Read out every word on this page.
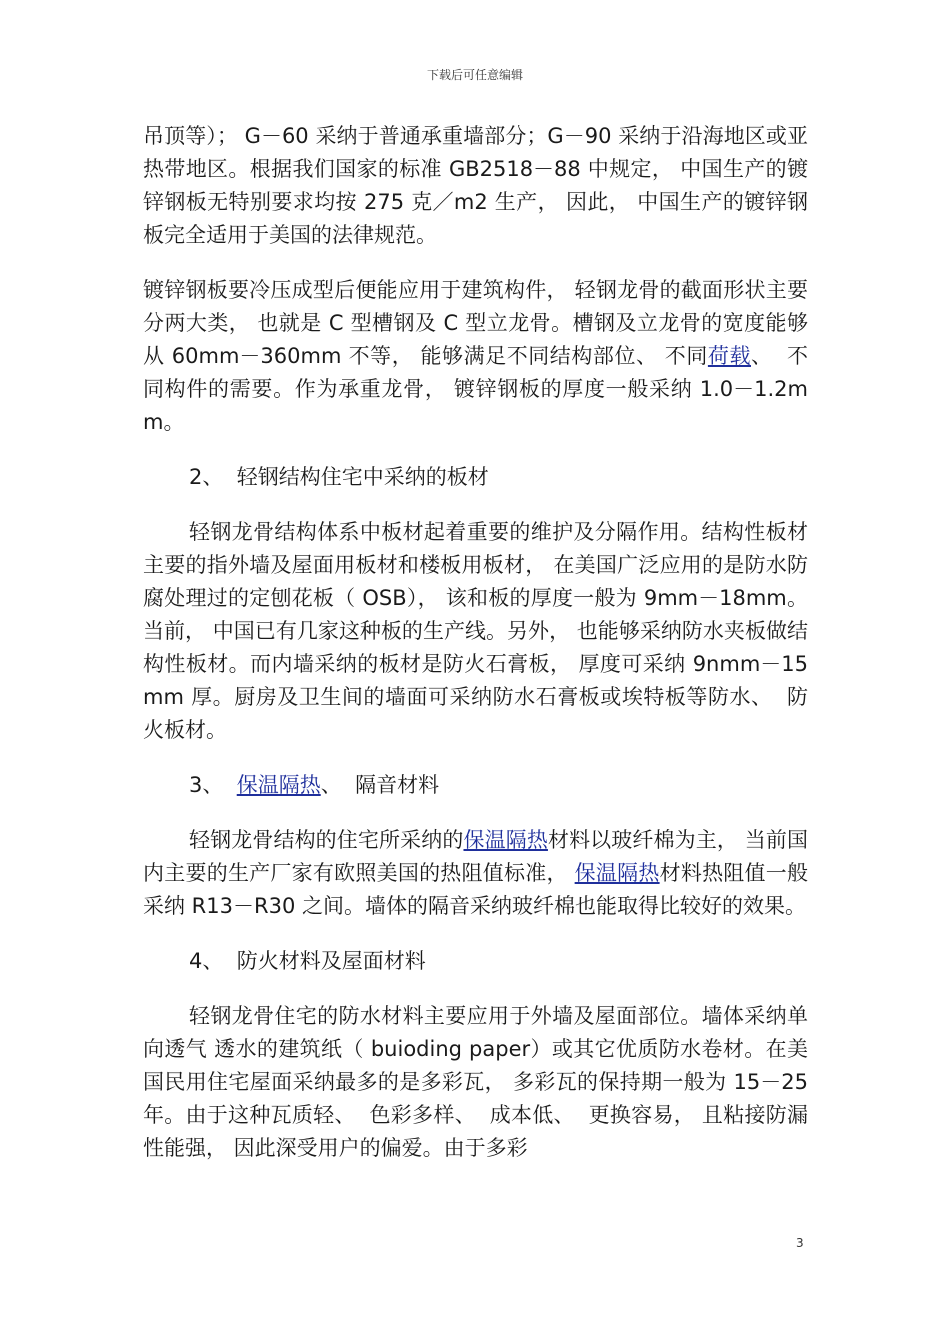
下载后可任意编辑

吊顶等）； G－60 采纳于普通承重墙部分；G－90 采纳于沿海地区或亚热带地区。根据我们国家的标准 GB2518－88 中规定， 中国生产的镀锌钢板无特别要求均按 275 克／m2 生产， 因此， 中国生产的镀锌钢板完全适用于美国的法律规范。

镀锌钢板要冷压成型后便能应用于建筑构件， 轻钢龙骨的截面形状主要分两大类， 也就是 C 型槽钢及 C 型立龙骨。槽钢及立龙骨的宽度能够从 60mm－360mm 不等， 能够满足不同结构部位、 不同荷载、  不同构件的需要。作为承重龙骨， 镀锌钢板的厚度一般采纳 1.0－1.2mm。

2、  轻钢结构住宅中采纳的板材

轻钢龙骨结构体系中板材起着重要的维护及分隔作用。结构性板材主要的指外墙及屋面用板材和楼板用板材， 在美国广泛应用的是防水防腐处理过的定刨花板（ OSB）， 该和板的厚度一般为 9mm－18mm。当前， 中国已有几家这种板的生产线。另外， 也能够采纳防水夹板做结构性板材。而内墙采纳的板材是防火石膏板， 厚度可采纳 9nmm－15mm 厚。厨房及卫生间的墙面可采纳防水石膏板或埃特板等防水、  防火板材。

3、  保温隔热、  隔音材料

轻钢龙骨结构的住宅所采纳的保温隔热材料以玻纤棉为主， 当前国内主要的生产厂家有欧照美国的热阻值标准， 保温隔热材料热阻值一般采纳 R13－R30 之间。墙体的隔音采纳玻纤棉也能取得比较好的效果。

4、  防火材料及屋面材料

轻钢龙骨住宅的防水材料主要应用于外墙及屋面部位。墙体采纳单向透气 透水的建筑纸（ buioding paper）或其它优质防水卷材。在美国民用住宅屋面采纳最多的是多彩瓦， 多彩瓦的保持期一般为 15－25 年。由于这种瓦质轻、  色彩多样、  成本低、  更换容易， 且粘接防漏性能强， 因此深受用户的偏爱。由于多彩

3
